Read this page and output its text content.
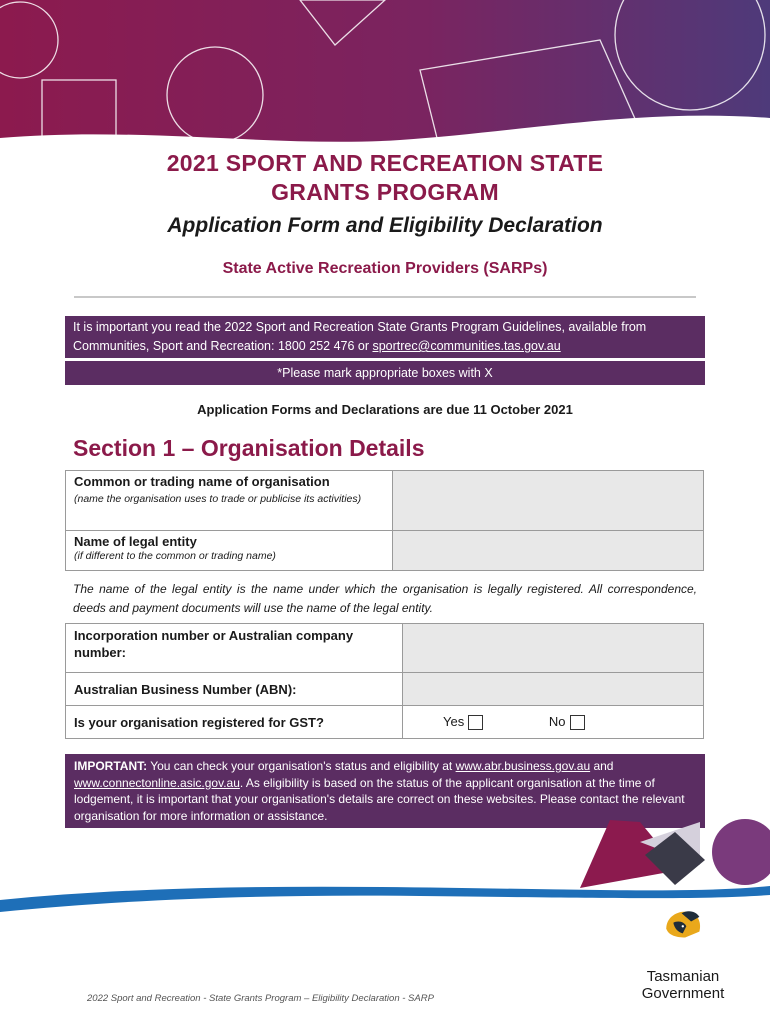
2021 SPORT AND RECREATION STATE
GRANTS PROGRAM
Application Form and Eligibility Declaration
State Active Recreation Providers (SARPs)
It is important you read the 2022 Sport and Recreation State Grants Program Guidelines, available from Communities, Sport and Recreation: 1800 252 476 or sportrec@communities.tas.gov.au
*Please mark appropriate boxes with X
Application Forms and Declarations are due 11 October 2021
Section 1 – Organisation Details
Common or trading name of organisation
(name the organisation uses to trade or publicise its activities)	

Name of legal entity
(if different to the common or trading name)	

The name of the legal entity is the name under which the organisation is legally registered. All correspondence, deeds and payment documents will use the name of the legal entity.
Incorporation number or Australian company number:	

Australian Business Number (ABN):	

Is your organisation registered for GST?	Yes No
IMPORTANT: You can check your organisation's status and eligibility at www.abr.business.gov.au and www.connectonline.asic.gov.au. As eligibility is based on the status of the applicant organisation at the time of lodgement, it is important that your organisation's details are correct on these websites. Please contact the relevant organisation for more information or assistance.
Tasmanian
Government
2022 Sport and Recreation - State Grants Program – Eligibility Declaration - SARP
